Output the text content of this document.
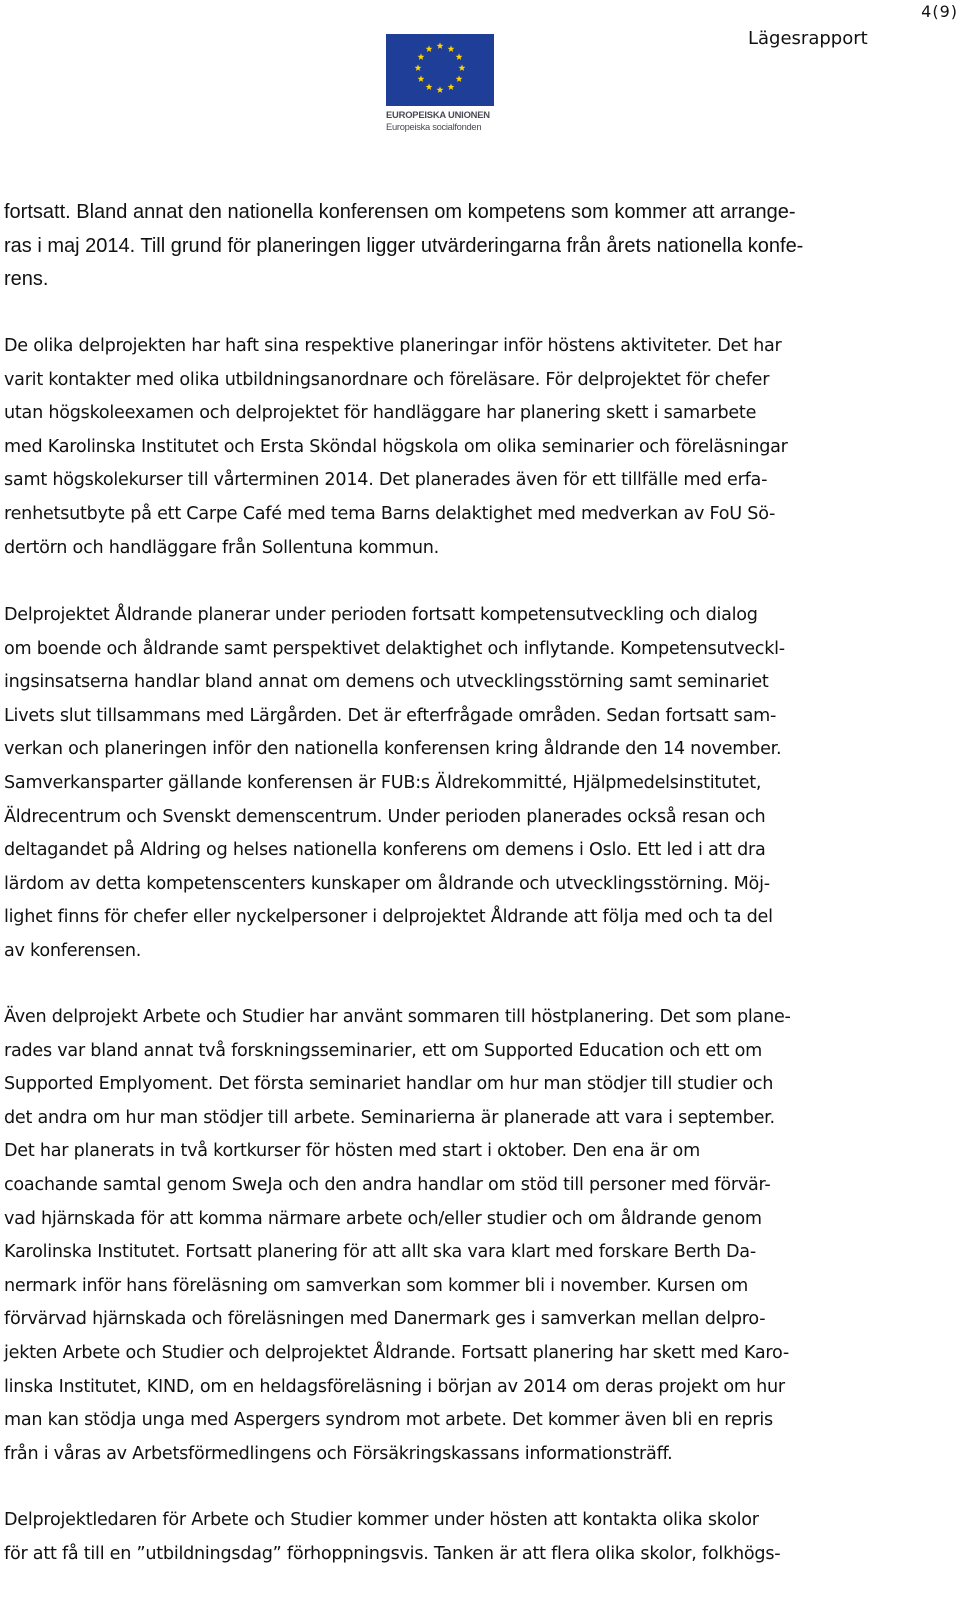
4(9)
Lägesrapport
EUROPEISKA UNIONEN
Europeiska socialfonden

fortsatt. Bland annat den nationella konferensen om kompetens som kommer att arrange-
ras i maj 2014. Till grund för planeringen ligger utvärderingarna från årets nationella konfe-
rens.

De olika delprojekten har haft sina respektive planeringar inför höstens aktiviteter. Det har
varit kontakter med olika utbildningsanordnare och föreläsare. För delprojektet för chefer
utan högskoleexamen och delprojektet för handläggare har planering skett i samarbete
med Karolinska Institutet och Ersta Sköndal högskola om olika seminarier och föreläsningar
samt högskolekurser till vårterminen 2014. Det planerades även för ett tillfälle med erfa-
renhetsutbyte på ett Carpe Café med tema Barns delaktighet med medverkan av FoU Sö-
dertörn och handläggare från Sollentuna kommun.

Delprojektet Åldrande planerar under perioden fortsatt kompetensutveckling och dialog
om boende och åldrande samt perspektivet delaktighet och inflytande. Kompetensutveckl-
ingsinsatserna handlar bland annat om demens och utvecklingsstörning samt seminariet
Livets slut tillsammans med Lärgården. Det är efterfrågade områden. Sedan fortsatt sam-
verkan och planeringen inför den nationella konferensen kring åldrande den 14 november.
Samverkansparter gällande konferensen är FUB:s Äldrekommitté, Hjälpmedelsinstitutet,
Äldrecentrum och Svenskt demenscentrum. Under perioden planerades också resan och
deltagandet på Aldring og helses nationella konferens om demens i Oslo. Ett led i att dra
lärdom av detta kompetenscenters kunskaper om åldrande och utvecklingsstörning. Möj-
lighet finns för chefer eller nyckelpersoner i delprojektet Åldrande att följa med och ta del
av konferensen.

Även delprojekt Arbete och Studier har använt sommaren till höstplanering. Det som plane-
rades var bland annat två forskningsseminarier, ett om Supported Education och ett om
Supported Emplyoment. Det första seminariet handlar om hur man stödjer till studier och
det andra om hur man stödjer till arbete. Seminarierna är planerade att vara i september.
Det har planerats in två kortkurser för hösten med start i oktober. Den ena är om
coachande samtal genom SweJa och den andra handlar om stöd till personer med förvär-
vad hjärnskada för att komma närmare arbete och/eller studier och om åldrande genom
Karolinska Institutet. Fortsatt planering för att allt ska vara klart med forskare Berth Da-
nermark inför hans föreläsning om samverkan som kommer bli i november. Kursen om
förvärvad hjärnskada och föreläsningen med Danermark ges i samverkan mellan delpro-
jekten Arbete och Studier och delprojektet Åldrande. Fortsatt planering har skett med Karo-
linska Institutet, KIND, om en heldagsföreläsning i början av 2014 om deras projekt om hur
man kan stödja unga med Aspergers syndrom mot arbete. Det kommer även bli en repris
från i våras av Arbetsförmedlingens och Försäkringskassans informationsträff.

Delprojektledaren för Arbete och Studier kommer under hösten att kontakta olika skolor
för att få till en ”utbildningsdag” förhoppningsvis. Tanken är att flera olika skolor, folkhögs-
